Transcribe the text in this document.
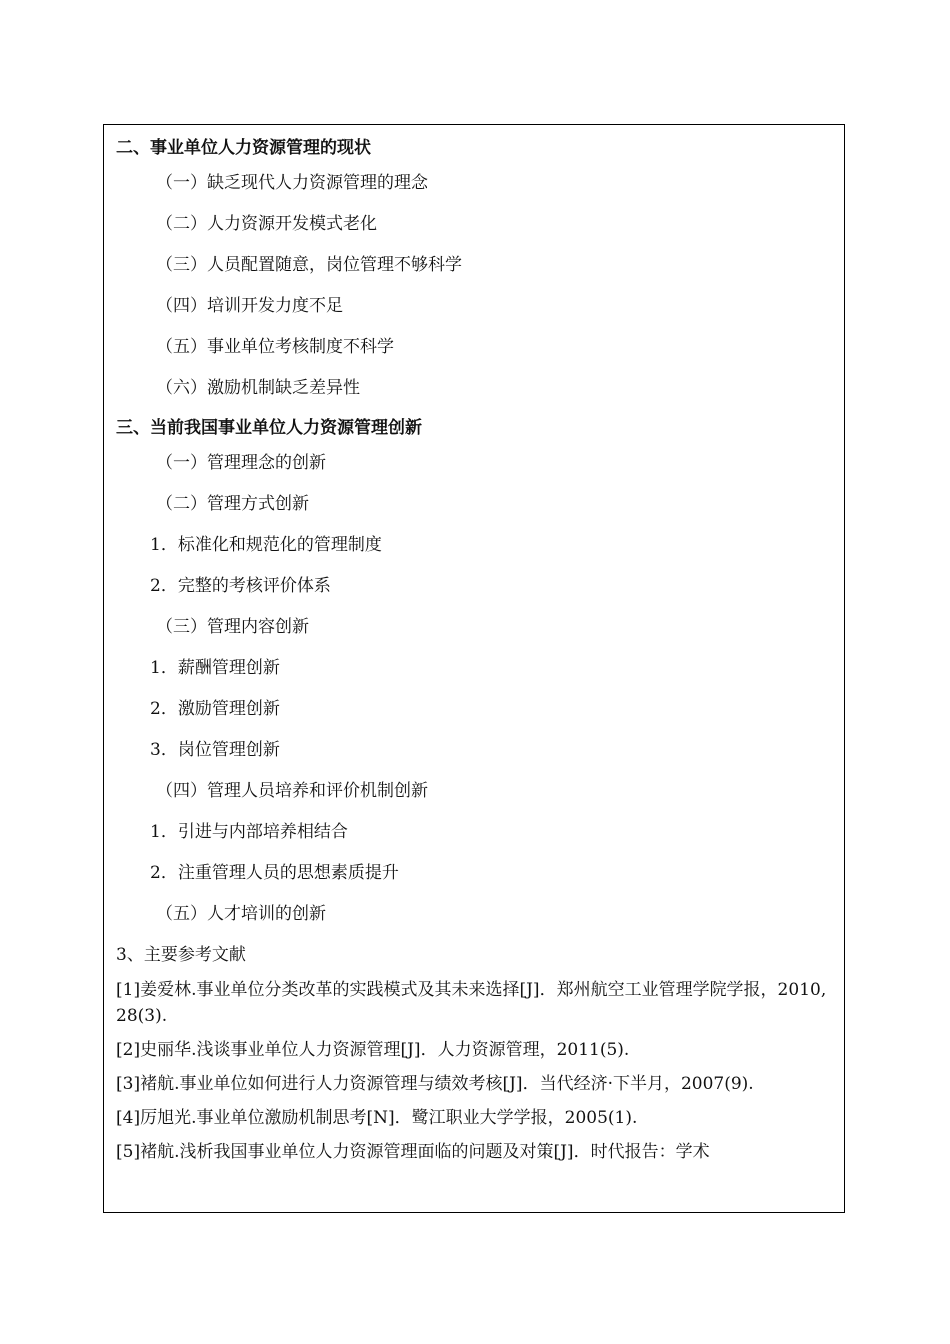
二、事业单位人力资源管理的现状
（一）缺乏现代人力资源管理的理念
（二）人力资源开发模式老化
（三）人员配置随意，岗位管理不够科学
（四）培训开发力度不足
（五）事业单位考核制度不科学
（六）激励机制缺乏差异性
三、当前我国事业单位人力资源管理创新
（一）管理理念的创新
（二）管理方式创新
1．标准化和规范化的管理制度
2．完整的考核评价体系
（三）管理内容创新
1．薪酬管理创新
2．激励管理创新
3．岗位管理创新
（四）管理人员培养和评价机制创新
1．引进与内部培养相结合
2．注重管理人员的思想素质提升
（五）人才培训的创新
3、主要参考文献
[1]姜爱林.事业单位分类改革的实践模式及其未来选择[J]．郑州航空工业管理学院学报，2010,28(3).
[2]史丽华.浅谈事业单位人力资源管理[J]．人力资源管理，2011(5).
[3]褚航.事业单位如何进行人力资源管理与绩效考核[J]．当代经济·下半月，2007(9).
[4]厉旭光.事业单位激励机制思考[N]．鹭江职业大学学报，2005(1).
[5]褚航.浅析我国事业单位人力资源管理面临的问题及对策[J]．时代报告：学术
